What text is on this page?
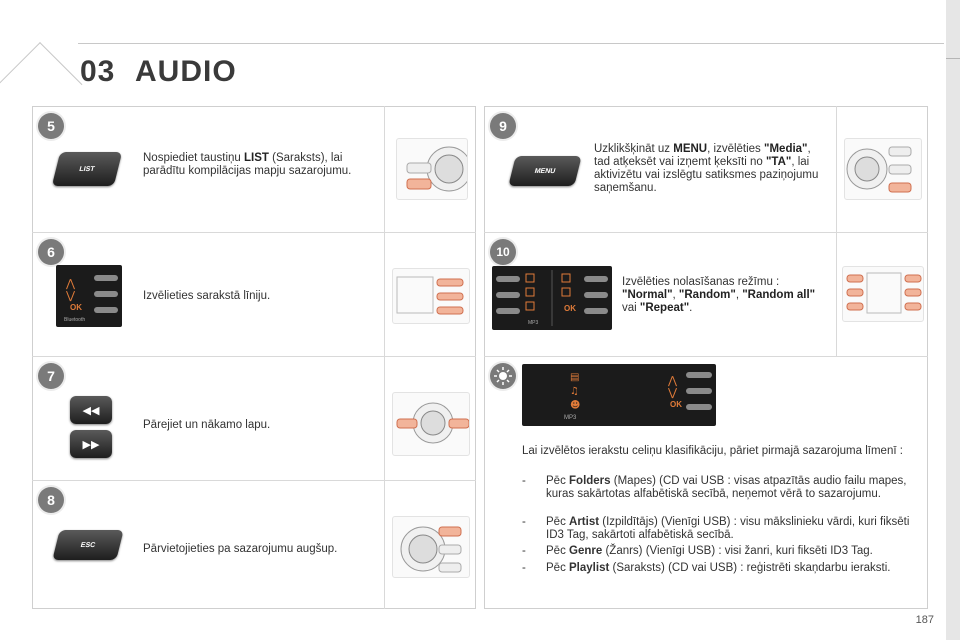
03 AUDIO
5
LIST
Nospiediet taustiņu LIST (Saraksts), lai parādītu kompilācijas mapju sazarojumu.
6
⋀
⋁
OK
Bluetooth
Izvēlieties sarakstā līniju.
7
◀◀
▶▶
Pārejiet un nākamo lapu.
8
ESC	Pārvietojieties pa sazarojumu augšup.
9
MENU
Uzklikšķināt uz MENU, izvēlēties "Media", tad atķeksēt vai izņemt ķeksīti no "TA", lai aktivizētu vai izslēgtu satiksmes paziņojumu saņemšanu.
10
MP3
OK
Izvēlēties nolasīšanas režīmu : "Normal", "Random", "Random all" vai "Repeat".
▤
♫
☻
⋀
⋁
MP3
OK
Lai izvēlētos ierakstu celiņu klasifikāciju, pāriet pirmajā sazarojuma līmenī :
- Pēc Folders (Mapes) (CD vai USB : visas atpazītās audio failu mapes, kuras sakārtotas alfabētiskā secībā, neņemot vērā to sazarojumu.
- Pēc Artist (Izpildītājs) (Vienīgi USB) : visu mākslinieku vārdi, kuri fiksēti ID3 Tag, sakārtoti alfabētiskā secībā.
- Pēc Genre (Žanrs) (Vienīgi USB) : visi žanri, kuri fiksēti ID3 Tag.
- Pēc Playlist (Saraksts) (CD vai USB) : reģistrēti skaņdarbu ieraksti.
187
